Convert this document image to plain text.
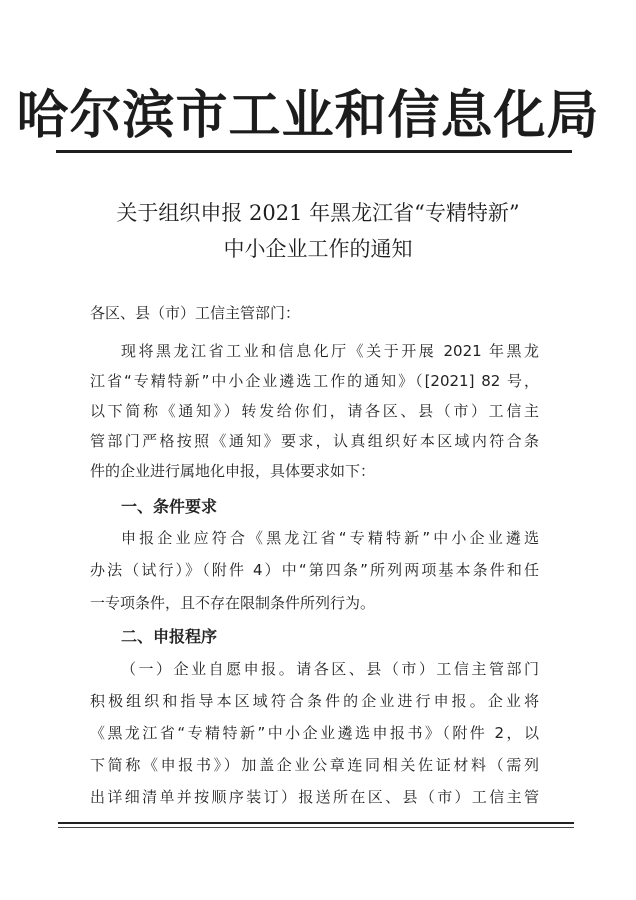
哈尔滨市工业和信息化局
关于组织申报 2021 年黑龙江省“专精特新”
中小企业工作的通知
各区、县（市）工信主管部门：
现将黑龙江省工业和信息化厅《关于开展 2021 年黑龙
江省“专精特新”中小企业遴选工作的通知》（[2021] 82 号，
以下简称《通知》）转发给你们，请各区、县（市）工信主
管部门严格按照《通知》要求，认真组织好本区域内符合条
件的企业进行属地化申报，具体要求如下：
一、条件要求
申报企业应符合《黑龙江省“专精特新”中小企业遴选
办法（试行）》（附件 4）中“第四条”所列两项基本条件和任
一专项条件，且不存在限制条件所列行为。
二、申报程序
（一）企业自愿申报。请各区、县（市）工信主管部门
积极组织和指导本区域符合条件的企业进行申报。企业将
《黑龙江省“专精特新”中小企业遴选申报书》（附件 2，以
下简称《申报书》）加盖企业公章连同相关佐证材料（需列
出详细清单并按顺序装订）报送所在区、县（市）工信主管
